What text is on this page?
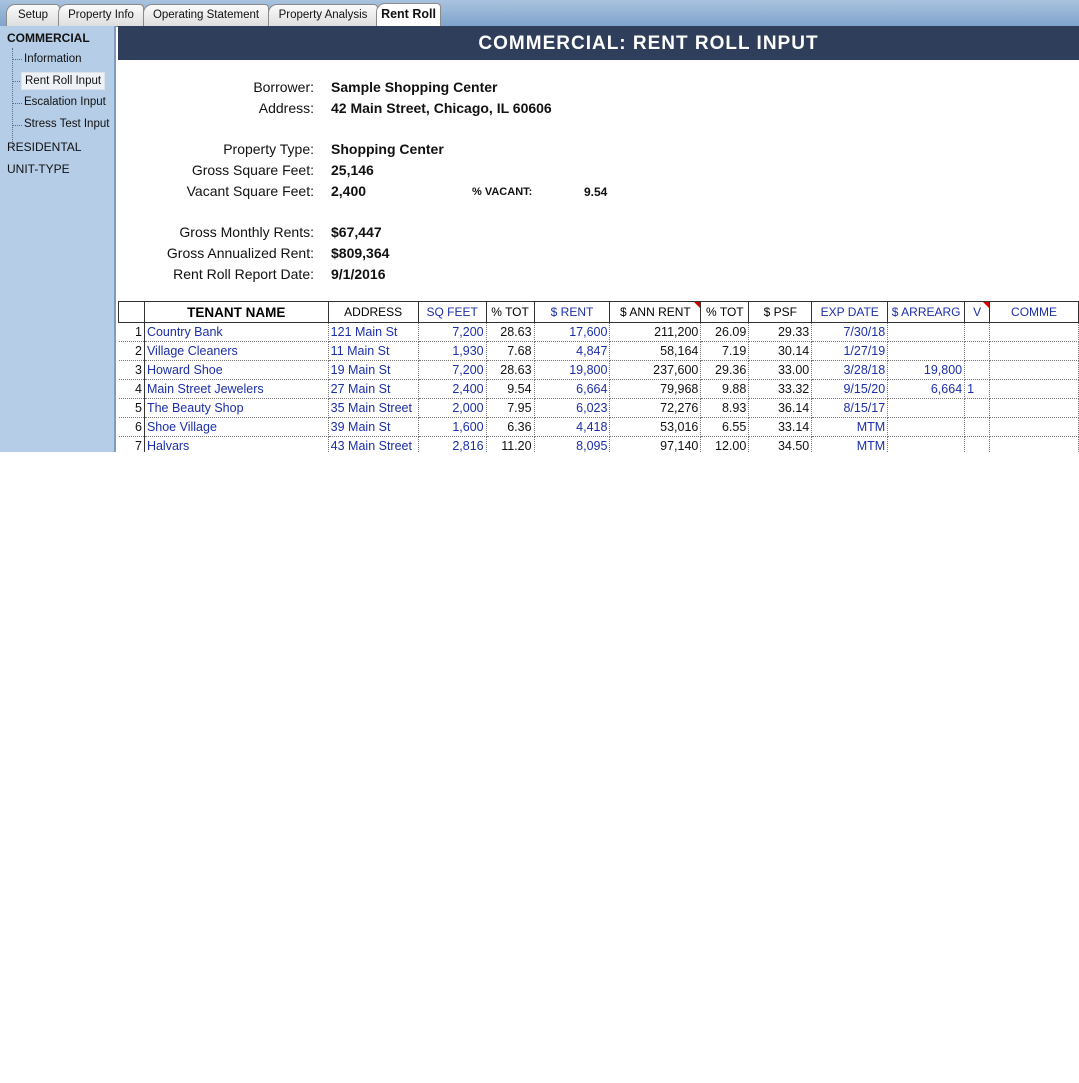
Setup	Property Info	Operating Statement	Property Analysis	Rent Roll
COMMERCIAL
Information
Rent Roll Input
Escalation Input
Stress Test Input
RESIDENTAL
UNIT-TYPE
COMMERCIAL: RENT ROLL INPUT
Borrower: Sample Shopping Center
Address: 42 Main Street, Chicago, IL 60606
Property Type: Shopping Center
Gross Square Feet: 25,146
Vacant Square Feet: 2,400	% VACANT:	9.54
Gross Monthly Rents: $67,447
Gross Annualized Rent: $809,364
Rent Roll Report Date: 9/1/2016
	TENANT NAME	ADDRESS	SQ FEET	% TOT	$ RENT	$ ANN RENT	% TOT	$ PSF	EXP DATE	$ ARREARG	V	COMME
1	Country Bank	121 Main St	7,200	28.63	17,600	211,200	26.09	29.33	7/30/18			
2	Village Cleaners	11 Main St	1,930	7.68	4,847	58,164	7.19	30.14	1/27/19			
3	Howard Shoe	19 Main St	7,200	28.63	19,800	237,600	29.36	33.00	3/28/18	19,800		
4	Main Street Jewelers	27 Main St	2,400	9.54	6,664	79,968	9.88	33.32	9/15/20	6,664	1	
5	The Beauty Shop	35 Main Street	2,000	7.95	6,023	72,276	8.93	36.14	8/15/17			
6	Shoe Village	39 Main St	1,600	6.36	4,418	53,016	6.55	33.14	MTM			
7	Halvars	43 Main Street	2,816	11.20	8,095	97,140	12.00	34.50	MTM			
